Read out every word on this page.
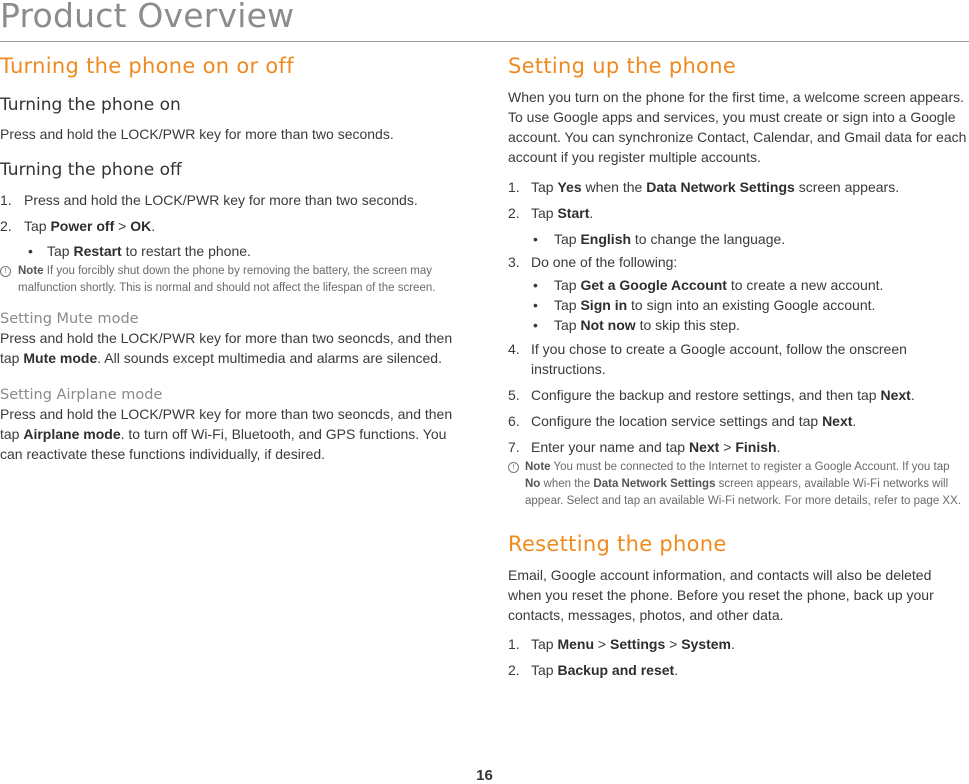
Product Overview
Turning the phone on or off
Turning the phone on

Press and hold the LOCK/PWR key for more than two seconds.

Turning the phone off
1. Press and hold the LOCK/PWR key for more than two seconds.
2. Tap Power off > OK.
• Tap Restart to restart the phone.
!	Note If you forcibly shut down the phone by removing the battery, the screen may malfunction shortly. This is normal and should not affect the lifespan of the screen.
Setting Mute mode

Press and hold the LOCK/PWR key for more than two seoncds, and then tap Mute mode. All sounds except multimedia and alarms are silenced.

Setting Airplane mode

Press and hold the LOCK/PWR key for more than two seoncds, and then tap Airplane mode. to turn off Wi-Fi, Bluetooth, and GPS functions. You can reactivate these functions individually, if desired.

Setting up the phone

When you turn on the phone for the first time, a welcome screen appears. To use Google apps and services, you must create or sign into a Google account. You can synchronize Contact, Calendar, and Gmail data for each account if you register multiple accounts.

1. Tap Yes when the Data Network Settings screen appears.
2. Tap Start.
• Tap English to change the language.
3. Do one of the following:
• Tap Get a Google Account to create a new account.
• Tap Sign in to sign into an existing Google account.
• Tap Not now to skip this step.
4. If you chose to create a Google account, follow the onscreen instructions.
5. Configure the backup and restore settings, and then tap Next.
6. Configure the location service settings and tap Next.
7. Enter your name and tap Next > Finish.
! Note You must be connected to the Internet to register a Google Account. If you tap No when the Data Network Settings screen appears, available Wi-Fi networks will appear. Select and tap an available Wi-Fi network. For more details, refer to page XX.
Resetting the phone

Email, Google account information, and contacts will also be deleted when you reset the phone. Before you reset the phone, back up your contacts, messages, photos, and other data.

1. Tap Menu > Settings > System.
2. Tap Backup and reset.
16
